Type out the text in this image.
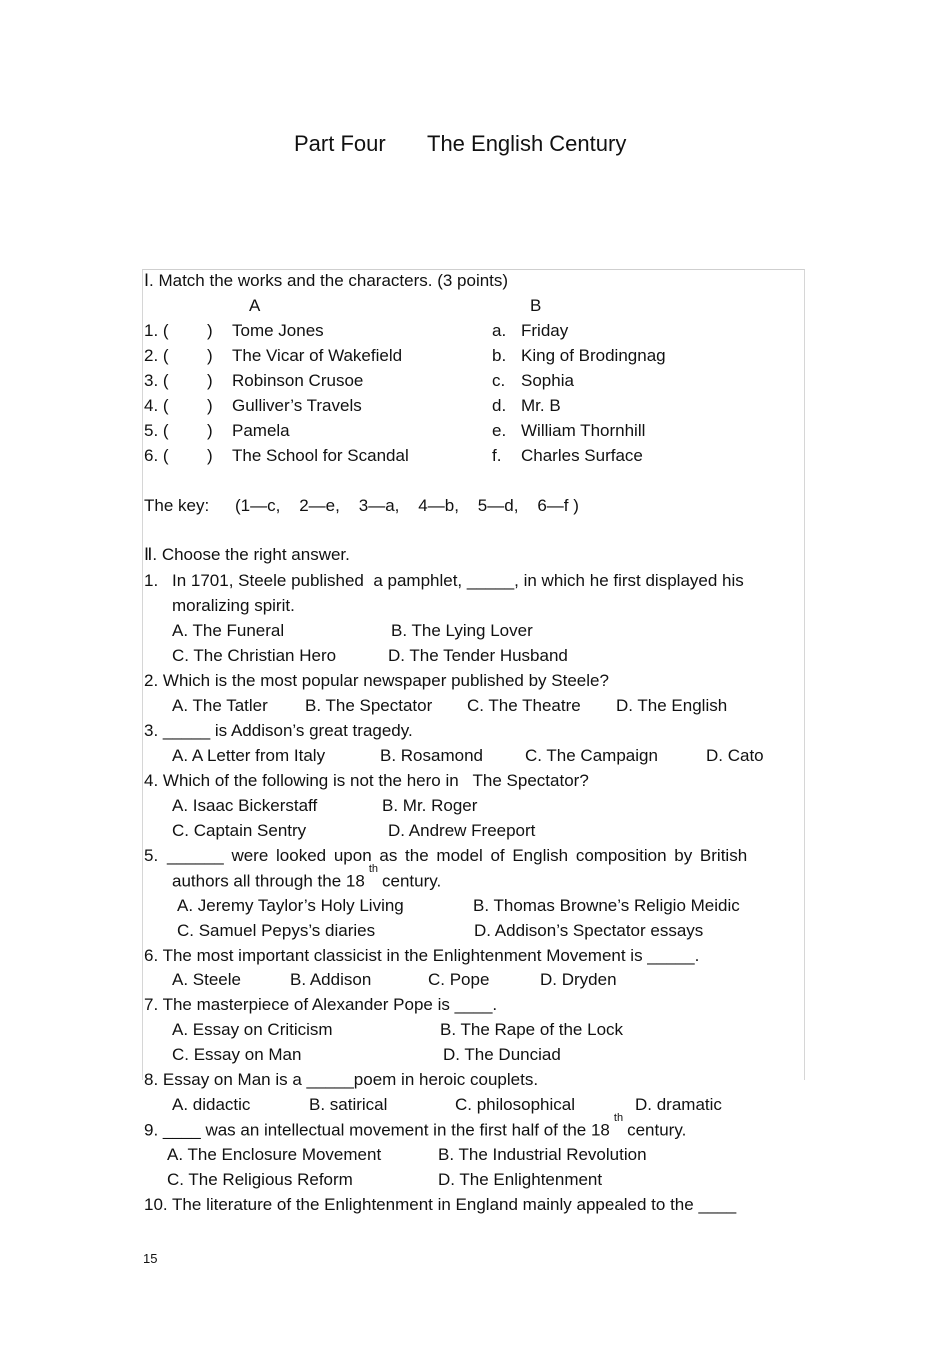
Part Four The English Century
Ⅰ. Match the works and the characters. (3 points)
A	B
1. ( ) Tome Jones	a. Friday
2. ( ) The Vicar of Wakefield	b. King of Brodingnag
3. ( ) Robinson Crusoe	c. Sophia
4. ( ) Gulliver’s Travels	d. Mr. B
5. ( ) Pamela	e. William Thornhill
6. ( ) The School for Scandal	f. Charles Surface
The key: (1—c,    2—e,    3—a,    4—b,    5—d,    6—f )
Ⅱ. Choose the right answer.
1. In 1701, Steele published  a pamphlet, _____, in which he first displayed his
moralizing spirit.
A. The Funeral	B. The Lying Lover
C. The Christian Hero	D. The Tender Husband
2. Which is the most popular newspaper published by Steele?
A. The Tatler B. The Spectator C. The Theatre D. The English
3. _____ is Addison’s great tragedy.
A. A Letter from Italy	B. Rosamond C. The Campaign	D. Cato
4. Which of the following is not the hero in   The Spectator?
A. Isaac Bickerstaff	B. Mr. Roger
C. Captain Sentry	D. Andrew Freeport
5. ______ were looked upon as the model of English composition by British
authors all through the 18thcentury.
A. Jeremy Taylor’s Holy Living	B. Thomas Browne’s Religio Meidic
C. Samuel Pepys’s diaries	D. Addison’s Spectator essays
6. The most important classicist in the Enlightenment Movement is _____.
A. Steele	B. Addison	C. Pope	D. Dryden
7. The masterpiece of Alexander Pope is ____.
A. Essay on Criticism	B. The Rape of the Lock
C. Essay on Man	D. The Dunciad
8. Essay on Man is a _____poem in heroic couplets.
A. didactic	B. satirical	C. philosophical	D. dramatic
9. ____ was an intellectual movement in the first half of the 18thcentury.
A. The Enclosure Movement	B. The Industrial Revolution
C. The Religious Reform	D. The Enlightenment
10. The literature of the Enlightenment in England mainly appealed to the ____
15
